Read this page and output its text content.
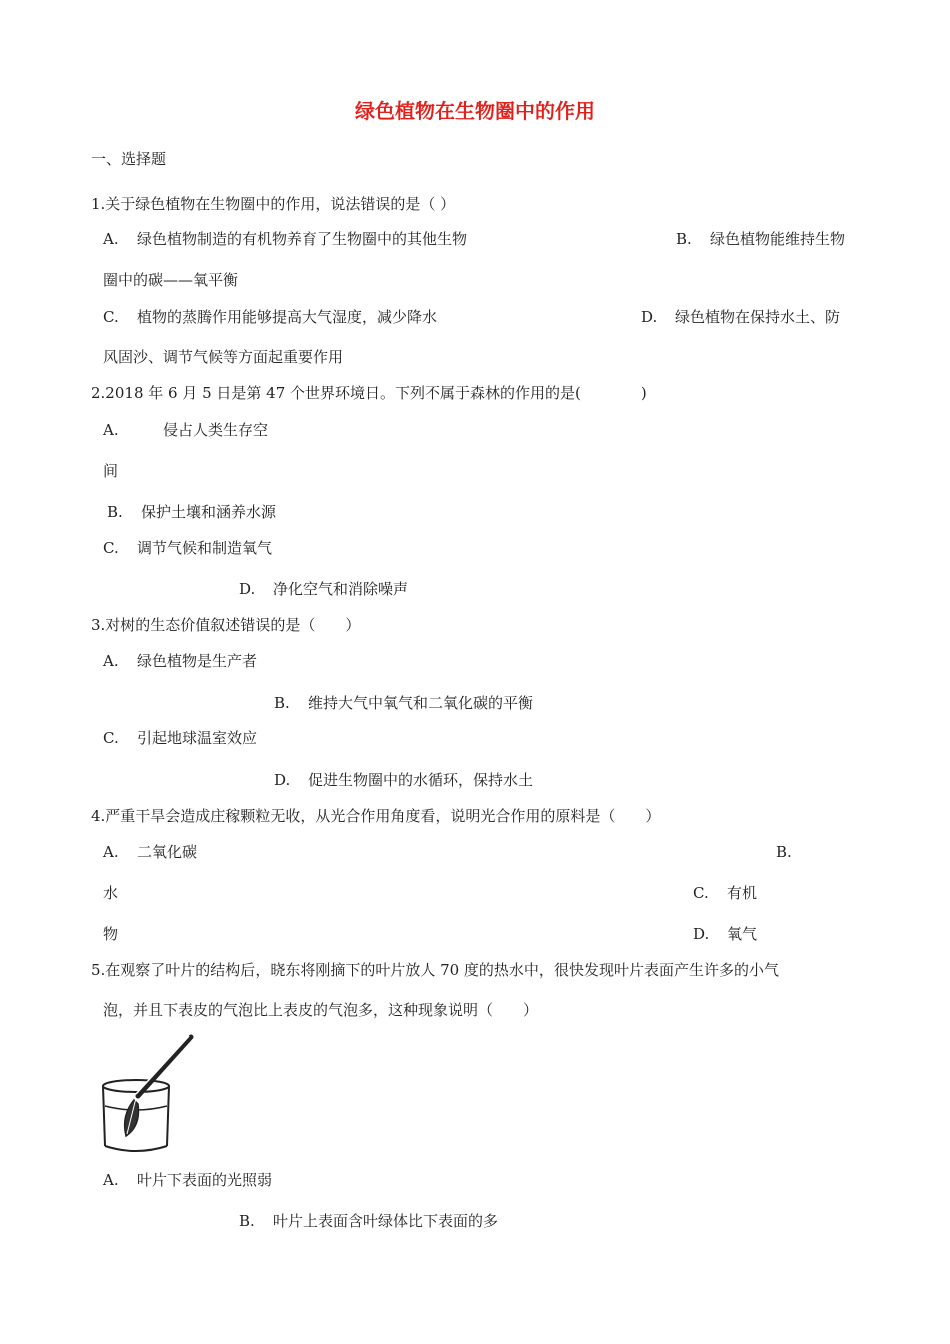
绿色植物在生物圈中的作用
一、选择题
1.关于绿色植物在生物圈中的作用，说法错误的是（ ）
A. 绿色植物制造的有机物养育了生物圈中的其他生物	B. 绿色植物能维持生物
圈中的碳——氧平衡
C. 植物的蒸腾作用能够提高大气湿度，减少降水	D. 绿色植物在保持水土、防
风固沙、调节气候等方面起重要作用
2.2018 年 6 月 5 日是第 47 个世界环境日。下列不属于森林的作用的是(　　　　)
A.	侵占人类生存空
间
B. 保护土壤和涵养水源
C. 调节气候和制造氧气
D. 净化空气和消除噪声
3.对树的生态价值叙述错误的是（　　）
A. 绿色植物是生产者
B. 维持大气中氧气和二氧化碳的平衡
C. 引起地球温室效应
D. 促进生物圈中的水循环，保持水土
4.严重干旱会造成庄稼颗粒无收，从光合作用角度看，说明光合作用的原料是（　　）
A. 二氧化碳	B.
水	C. 有机
物	D. 氧气
5.在观察了叶片的结构后，晓东将刚摘下的叶片放人 70 度的热水中，很快发现叶片表面产生许多的小气
泡，并且下表皮的气泡比上表皮的气泡多，这种现象说明（　　）
A. 叶片下表面的光照弱
B. 叶片上表面含叶绿体比下表面的多
